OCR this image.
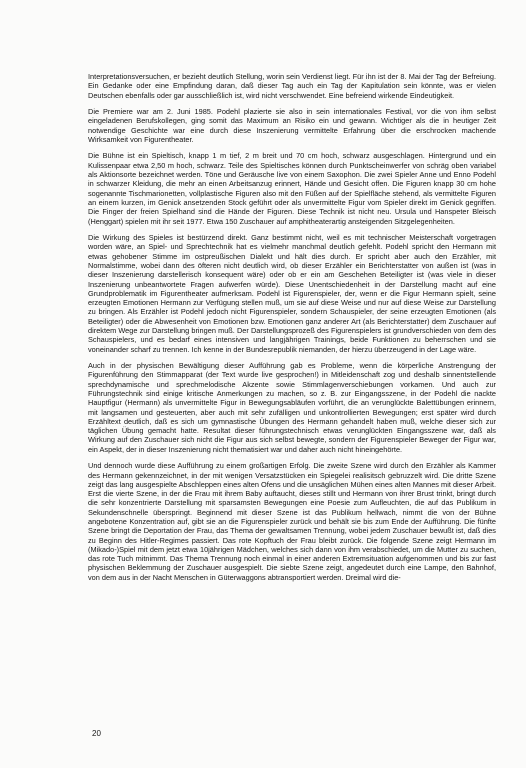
Interpretationsversuchen, er bezieht deutlich Stellung, worin sein Verdienst liegt. Für ihn ist der 8. Mai der Tag der Befreiung. Ein Gedanke oder eine Empfindung daran, daß dieser Tag auch ein Tag der Kapitulation sein könnte, was er vielen Deutschen ebenfalls oder gar ausschließlich ist, wird nicht verschwendet. Eine befreiend wirkende Eindeutigkeit.

Die Premiere war am 2. Juni 1985. Podehl plazierte sie also in sein internationales Festival, vor die von ihm selbst eingeladenen Berufskollegen, ging somit das Maximum an Risiko ein und gewann. Wichtiger als die in heutiger Zeit notwendige Geschichte war eine durch diese Inszenierung vermittelte Erfahrung über die erschrocken machende Wirksamkeit von Figurentheater.

Die Bühne ist ein Spieltisch, knapp 1 m tief, 2 m breit und 70 cm hoch, schwarz ausgeschlagen. Hintergrund und ein Kulissenpaar etwa 2,50 m hoch, schwarz. Teile des Spieltisches können durch Punktscheinwerfer von schräg oben variabel als Aktionsorte bezeichnet werden. Töne und Geräusche live von einem Saxophon. Die zwei Spieler Anne und Enno Podehl in schwarzer Kleidung, die mehr an einen Arbeitsanzug erinnert, Hände und Gesicht offen. Die Figuren knapp 30 cm hohe sogenannte Tischmarionetten, vollplastische Figuren also mit den Füßen auf der Spielfläche stehend, als vermittelte Figuren an einem kurzen, im Genick ansetzenden Stock geführt oder als unvermittelte Figur vom Spieler direkt im Genick gegriffen. Die Finger der freien Spielhand sind die Hände der Figuren. Diese Technik ist nicht neu. Ursula und Hanspeter Bleisch (Henggart) spielen mit ihr seit 1977. Etwa 150 Zuschauer auf amphitheaterartig ansteigenden Sitzgelegenheiten.

Die Wirkung des Spieles ist bestürzend direkt. Ganz bestimmt nicht, weil es mit technischer Meisterschaft vorgetragen worden wäre, an Spiel- und Sprechtechnik hat es vielmehr manchmal deutlich gefehlt. Podehl spricht den Hermann mit etwas gehobener Stimme im ostpreußischen Dialekt und hält dies durch. Er spricht aber auch den Erzähler, mit Normalstimme, wobei dann des öfteren nicht deutlich wird, ob dieser Erzähler ein Berichterstatter von außen ist (was in dieser Inszenierung darstellerisch konsequent wäre) oder ob er ein am Geschehen Beteiligter ist (was viele in dieser Inszenierung unbeantwortete Fragen aufwerfen würde). Diese Unentschiedenheit in der Darstellung macht auf eine Grundproblematik im Figurentheater aufmerksam. Podehl ist Figurenspieler, der, wenn er die Figur Hermann spielt, seine erzeugten Emotionen Hermann zur Verfügung stellen muß, um sie auf diese Weise und nur auf diese Weise zur Darstellung zu bringen. Als Erzähler ist Podehl jedoch nicht Figurenspieler, sondern Schauspieler, der seine erzeugten Emotionen (als Beteiligter) oder die Abwesenheit von Emotionen bzw. Emotionen ganz anderer Art (als Berichterstatter) dem Zuschauer auf direktem Wege zur Darstellung bringen muß. Der Darstellungsprozeß des Figurenspielers ist grundverschieden von dem des Schauspielers, und es bedarf eines intensiven und langjährigen Trainings, beide Funktionen zu beherrschen und sie voneinander scharf zu trennen. Ich kenne in der Bundesrepublik niemanden, der hierzu überzeugend in der Lage wäre.

Auch in der physischen Bewältigung dieser Aufführung gab es Probleme, wenn die körperliche Anstrengung der Figurenführung den Stimmapparat (der Text wurde live gesprochen!) in Mitleidenschaft zog und deshalb sinnentstellende sprechdynamische und sprechmelodische Akzente sowie Stimmlagenverschiebungen vorkamen. Und auch zur Führungstechnik sind einige kritische Anmerkungen zu machen, so z. B. zur Eingangsszene, in der Podehl die nackte Hauptfigur (Hermann) als unvermittelte Figur in Bewegungsabläufen vorführt, die an verunglückte Balettübungen erinnern, mit langsamen und gesteuerten, aber auch mit sehr zufälligen und unkontrollierten Bewegungen; erst später wird durch Erzähltext deutlich, daß es sich um gymnastische Übungen des Hermann gehandelt haben muß, welche dieser sich zur täglichen Übung gemacht hatte. Resultat dieser führungstechnisch etwas verunglückten Eingangsszene war, daß als Wirkung auf den Zuschauer sich nicht die Figur aus sich selbst bewegte, sondern der Figurenspieler Beweger der Figur war, ein Aspekt, der in dieser Inszenierung nicht thematisiert war und daher auch nicht hineingehörte.

Und dennoch wurde diese Aufführung zu einem großartigen Erfolg. Die zweite Szene wird durch den Erzähler als Kammer des Hermann gekennzeichnet, in der mit wenigen Versatzstücken ein Spiegelei realisitsch gebruzzelt wird. Die dritte Szene zeigt das lang ausgespielte Abschleppen eines alten Ofens und die unsäglichen Mühen eines alten Mannes mit dieser Arbeit. Erst die vierte Szene, in der die Frau mit ihrem Baby auftaucht, dieses stillt und Hermann von ihrer Brust trinkt, bringt durch die sehr konzentrierte Darstellung mit sparsamsten Bewegungen eine Poesie zum Aufleuchten, die auf das Publikum in Sekundenschnelle überspringt. Beginnend mit dieser Szene ist das Publikum hellwach, nimmt die von der Bühne angebotene Konzentration auf, gibt sie an die Figurenspieler zurück und behält sie bis zum Ende der Aufführung. Die fünfte Szene bringt die Deportation der Frau, das Thema der gewaltsamen Trennung, wobei jedem Zuschauer bewußt ist, daß dies zu Beginn des Hitler-Regimes passiert. Das rote Kopftuch der Frau bleibt zurück. Die folgende Szene zeigt Hermann im (Mikado-)Spiel mit dem jetzt etwa 10jährigen Mädchen, welches sich dann von ihm verabschiedet, um die Mutter zu suchen, das rote Tuch mitnimmt. Das Thema Trennung noch einmal in einer anderen Extremsituation aufgenommen und bis zur fast physischen Beklemmung der Zuschauer ausgespielt. Die siebte Szene zeigt, angedeutet durch eine Lampe, den Bahnhof, von dem aus in der Nacht Menschen in Güterwaggons abtransportiert werden. Dreimal wird die-

20
